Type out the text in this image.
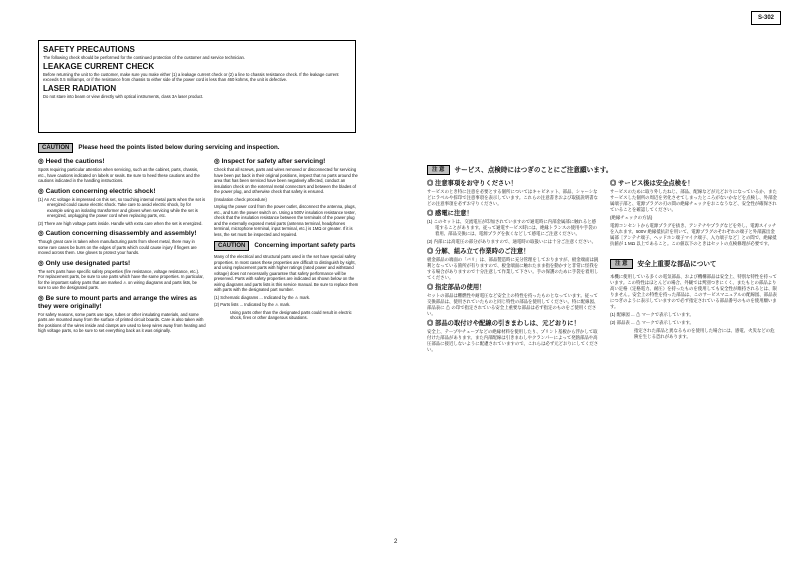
S-302
SAFETY PRECAUTIONS

The following check should be performed for the continued protection of the customer and service technician.

LEAKAGE CURRENT CHECK

Before returning the unit to the customer, make sure you make either (1) a leakage current check or (2) a line to chassis resistance check. If the leakage current exceeds 0.5 milliamps, or if the resistance from chassis to either side of the power cord is less than 460 kohms, the unit is defective.

LASER RADIATION

Do not stare into beam or view directly with optical instruments, class 3A laser product.

CAUTION Please heed the points listed below during servicing and inspection.
◎ Heed the cautions!

Spots requiring particular attention when servicing, such as the cabinet, parts, chassis, etc., have cautions indicated on labels or seals. Be sure to heed these cautions and the cautions indicated in the handling instructions.

◎ Caution concerning electric shock!

(1) An AC voltage is impressed on this set, so touching internal metal parts when the set is energized could cause electric shock. Take care to avoid electric shock, by for example using an isolating transformer and gloves when servicing while the set is energized, unplugging the power cord when replacing parts, etc.

(2) There are high voltage parts inside. Handle with extra care when the set is energized.

◎ Caution concerning disassembly and assembly!

Though great care is taken when manufacturing parts from sheet metal, there may in some rare cases be burrs on the edges of parts which could cause injury if fingers are moved across them. Use gloves to protect your hands.

◎ Only use designated parts!

The set's parts have specific safety properties (fire resistance, voltage resistance, etc.). For replacement parts, be sure to use parts which have the same properties. In particular, for the important safety parts that are marked ⚠ on wiring diagrams and parts lists, be sure to use the designated parts.

◎ Be sure to mount parts and arrange the wires as they were originally!

For safety reasons, some parts use tape, tubes or other insulating materials, and some parts are mounted away from the surface of printed circuit boards. Care is also taken with the positions of the wires inside and clamps are used to keep wires away from heating and high voltage parts, so be sure to set everything back as it was originally.

◎ Inspect for safety after servicing!

Check that all screws, parts and wires removed or disconnected for servicing have been put back in their original positions, inspect that no parts around the area that has been serviced have been negatively affected, conduct an insulation check on the external metal connectors and between the blades of the power plug, and otherwise check that safety is ensured.

(Insulation check procedure)

Unplug the power cord from the power outlet, disconnect the antenna, plugs, etc., and turn the power switch on. Using a 500V insulation resistance tester, check that the insulation resistance between the terminals of the power plug and the externally exposed metal parts (antenna terminal, headphones terminal, microphone terminal, input terminal, etc.) is 1MΩ or greater. If it is less, the set must be inspected and repaired.

CAUTION Concerning important safety parts

Many of the electrical and structural parts used in the set have special safety properties. In most cases these properties are difficult to distinguish by sight, and using replacement parts with higher ratings (rated power and withstand voltage) does not necessarily guarantee that safety performance will be preserved. Parts with safety properties are indicated as shown below on the wiring diagrams and parts lists is this service manual. Be sure to replace them with parts with the designated part number.

(1) Schematic diagrams ... Indicated by the ⚠ mark.

(2) Parts lists ... Indicated by the ⚠ mark.

Using parts other than the designated parts could result in electric shock, fires or other dangerous situations.

注 意 サービス、点検時にはつぎのことにご注意願います。
◎ 注意事項をお守りください！

サービスのとき特に注意を必要とする個所についてはキャビネット、部品、シャーシなどにラベルや捺印で注意事項を表示しています。これらの注意書きおよび取扱説明書などの注意事項を必ずお守りください。

◎ 感電に注意！

(1) このセットは、交流電圧が印加されていますので通電時に内部金属部に触れると感電することがあります。従って通電サービス時には、絶縁トランスの使用や手袋の着用、部品交換には、電源プラグを抜くなどして感電にご注意ください。

(2) 内部には高電圧の部分がありますので、通電時の取扱いには十分ご注意ください。

◎ 分解、組み立て作業時のご注意！

板金部品の端面の「バリ」は、部品製造時に充分管理をしておりますが、板金端面は鋭利となっている箇所が有りますので、板金端面に触れたまま指を動かすと非常に怪我をする場合がありますので十分注意して作業して下さい。手の保護のために手袋を着用してください。

◎ 指定部品の使用！

セットの部品は難燃性や耐電圧など安全上の特性を持ったものとなっています。従って交換部品は、使用されていたものと同じ特性の部品を使用してください。特に配線図、部品表に ⚠ の印で指定されている安全上重要な部品は必ず指定のものをご使用ください。

◎ 部品の取付けや配線の引きまわしは、元どおりに！

安全上、テープやチューブなどの絶縁材料を使用したり、プリント基板から浮かして取付けた部品があります。また内部配線は引きまわしやクランパーによって発熱部品や高圧部品に接近しないように配慮されていますので、これらは必ず元どおりにしてください。

◎ サービス後は安全点検を！

サービスのために取り外したねじ、部品、配線などが元どおりになっているか、またサービスした個所の周辺を劣化させてしまったところがないかなどを点検し、外部金属端子部と、電源プラグの刃の間の絶縁チェックをおこなうなど、安全性が確保されていることを確認してください。

(絶縁チェックの方法)

電源コンセントから電源プラグを抜き、アンテナやプラグなどを外し、電源スイッチを入れます。500V 絶縁抵抗計を用いて、電源プラグのそれぞれの端子と外部露出金属部［アンテナ端子、ヘッドホン端子マイク端子、入力端子など］との間で、絶縁抵抗値が 1 MΩ 以上であること。この値以下のときはセットの点検修理が必要です。

注 意 安全上重要な部品について

本機に使用している多くの電気部品、および機構部品は安全上、特別な特性を持っています。この特性はほとんどの場合、外観では判別つきにくく、またもとの部品より高い定格（定格電力、耐圧）を持ったものを使用しても安全性が維持されるとは、限りません。安全上の特性を持った部品は、このサービスマニュアルの配線図、部品表につぎのように表示していますので必ず指定されている部品番号のものを使用願います。

(1) 配線図 ... ⚠ マークで表示しています。

(2) 部品表 ... ⚠ マークで表示しています。

指定された部品と異なるものを使用した場合には、感電、火災などの危険を生じる恐れがあります。

2
